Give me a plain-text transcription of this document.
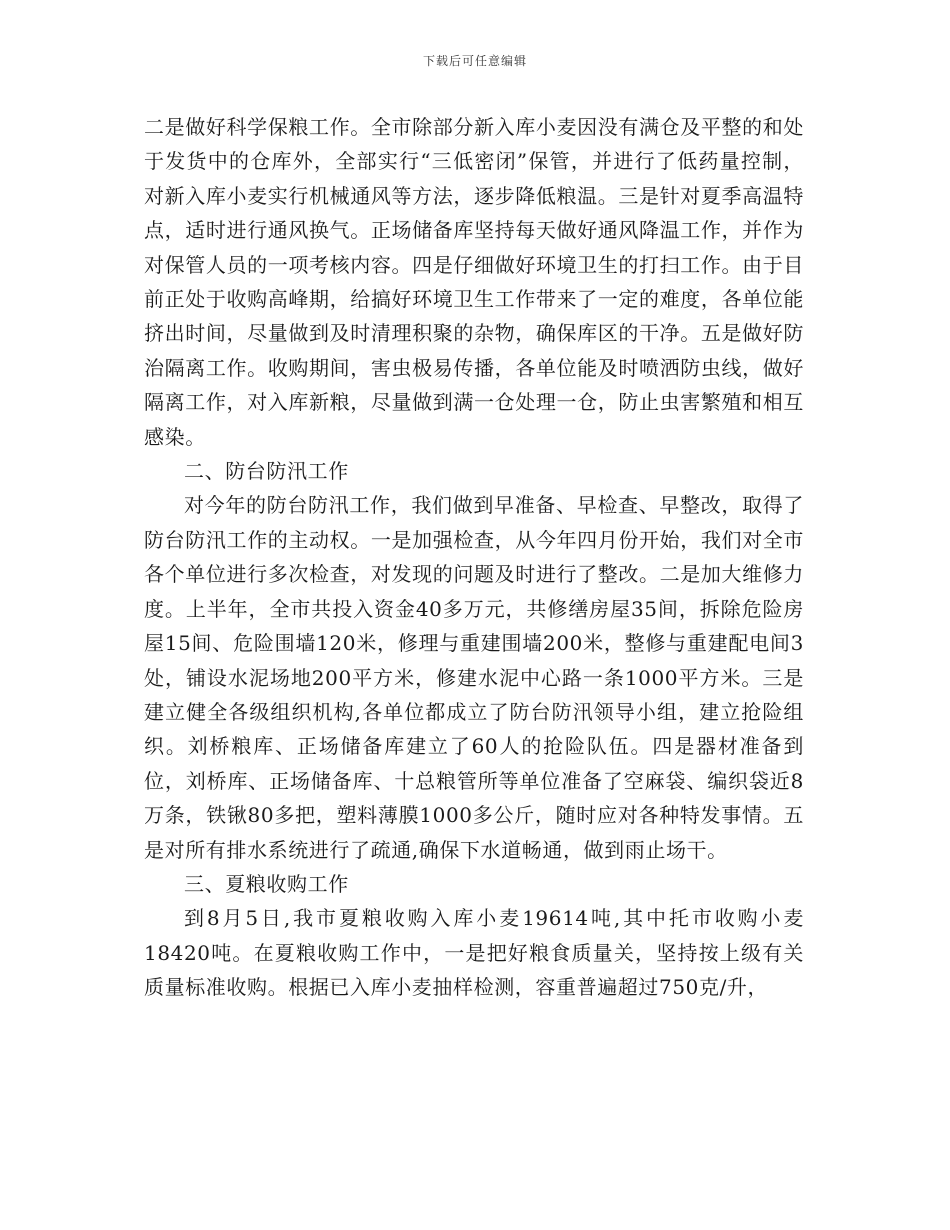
下载后可任意编辑

二是做好科学保粮工作。全市除部分新入库小麦因没有满仓及平整的和处于发货中的仓库外，全部实行“三低密闭”保管，并进行了低药量控制，对新入库小麦实行机械通风等方法，逐步降低粮温。三是针对夏季高温特点，适时进行通风换气。正场储备库坚持每天做好通风降温工作，并作为对保管人员的一项考核内容。四是仔细做好环境卫生的打扫工作。由于目前正处于收购高峰期，给搞好环境卫生工作带来了一定的难度，各单位能挤出时间，尽量做到及时清理积聚的杂物，确保库区的干净。五是做好防治隔离工作。收购期间，害虫极易传播，各单位能及时喷洒防虫线，做好隔离工作，对入库新粮，尽量做到满一仓处理一仓，防止虫害繁殖和相互感染。

二、防台防汛工作

对今年的防台防汛工作，我们做到早准备、早检查、早整改，取得了防台防汛工作的主动权。一是加强检查，从今年四月份开始，我们对全市各个单位进行多次检查，对发现的问题及时进行了整改。二是加大维修力度。上半年，全市共投入资金40多万元，共修缮房屋35间，拆除危险房屋15间、危险围墙120米，修理与重建围墙200米，整修与重建配电间3处，铺设水泥场地200平方米，修建水泥中心路一条1000平方米。三是建立健全各级组织机构,各单位都成立了防台防汛领导小组，建立抢险组织。刘桥粮库、正场储备库建立了60人的抢险队伍。四是器材准备到位，刘桥库、正场储备库、十总粮管所等单位准备了空麻袋、编织袋近8万条，铁锹80多把，塑料薄膜1000多公斤，随时应对各种特发事情。五是对所有排水系统进行了疏通,确保下水道畅通，做到雨止场干。

三、夏粮收购工作

到8月5日,我市夏粮收购入库小麦19614吨,其中托市收购小麦18420吨。在夏粮收购工作中，一是把好粮食质量关，坚持按上级有关质量标准收购。根据已入库小麦抽样检测，容重普遍超过750克/升，
